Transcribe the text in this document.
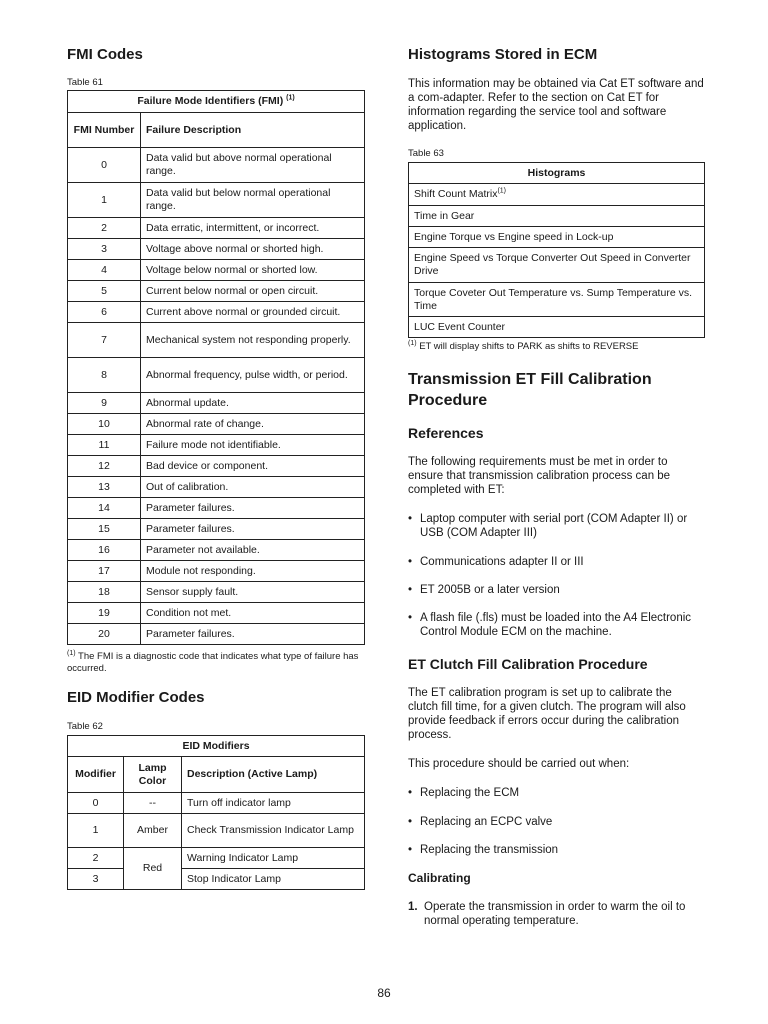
FMI Codes
Table 61
Failure Mode Identifiers (FMI) $^{(1)}$
FMI Number	Failure Description
0	Data valid but above normal operational range.
1	Data valid but below normal operational range.
2	Data erratic, intermittent, or incorrect.
3	Voltage above normal or shorted high.
4	Voltage below normal or shorted low.
5	Current below normal or open circuit.
6	Current above normal or grounded circuit.
7	Mechanical system not responding properly.
8	Abnormal frequency, pulse width, or period.
9	Abnormal update.
10	Abnormal rate of change.
11	Failure mode not identifiable.
12	Bad device or component.
13	Out of calibration.
14	Parameter failures.
15	Parameter failures.
16	Parameter not available.
17	Module not responding.
18	Sensor supply fault.
19	Condition not met.
20	Parameter failures.
$^{(1)}$ The FMI is a diagnostic code that indicates what type of failure has occurred.
EID Modifier Codes
Table 62
EID Modifiers		
Modifier	Lamp Color	Description (Active Lamp)
0	--	Turn off indicator lamp
1	Amber	Check Transmission Indicator Lamp
2	Red	Warning Indicator Lamp
3		Stop Indicator Lamp
Histograms Stored in ECM

This information may be obtained via Cat ET software and a com-adapter. Refer to the section on Cat ET for information regarding the service tool and software application.

Table 63
Histograms
Shift Count Matrix$^{(1)}$
Time in Gear
Engine Torque vs Engine speed in Lock-up
Engine Speed vs Torque Converter Out Speed in Converter Drive
Torque Coveter Out Temperature vs. Sump Temperature vs. Time
LUC Event Counter
$^{(1)}$ ET will display shifts to PARK as shifts to REVERSE
Transmission ET Fill Calibration Procedure
References

The following requirements must be met in order to ensure that transmission calibration process can be completed with ET:

• Laptop computer with serial port (COM Adapter II) or USB (COM Adapter III)
• Communications adapter II or III
• ET 2005B or a later version
• A flash file (.fls) must be loaded into the A4 Electronic Control Module ECM on the machine.
ET Clutch Fill Calibration Procedure

The ET calibration program is set up to calibrate the clutch fill time, for a given clutch. The program will also provide feedback if errors occur during the calibration process.

This procedure should be carried out when:

• Replacing the ECM
• Replacing an ECPC valve
• Replacing the transmission
Calibrating
1. Operate the transmission in order to warm the oil to normal operating temperature.
86
